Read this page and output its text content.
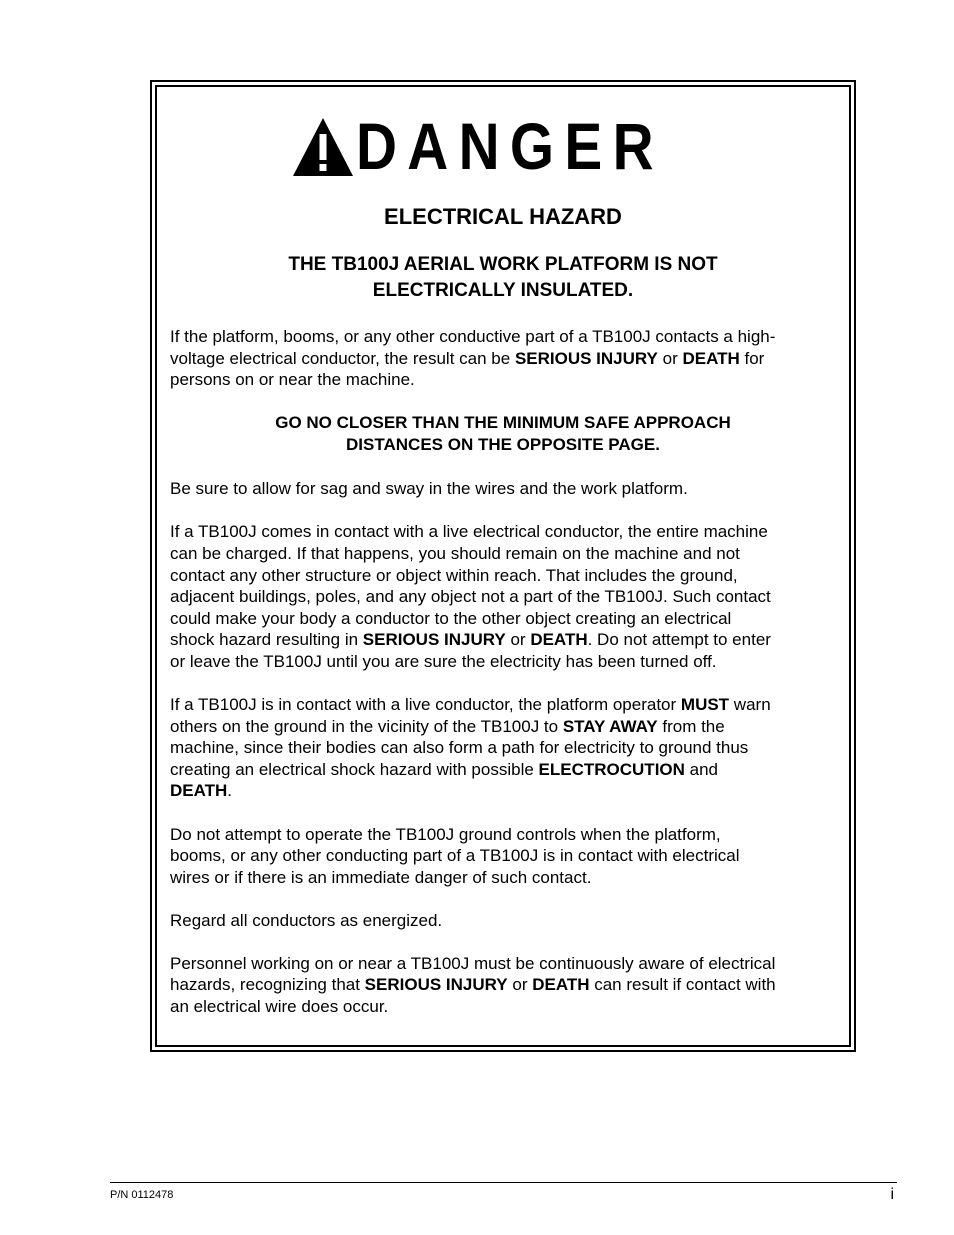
DANGER
ELECTRICAL HAZARD
THE TB100J AERIAL WORK PLATFORM IS NOT
ELECTRICALLY INSULATED.
If the platform, booms, or any other conductive part of a TB100J contacts a high-
voltage electrical conductor, the result can be SERIOUS INJURY or DEATH for
persons on or near the machine.
GO NO CLOSER THAN THE MINIMUM SAFE APPROACH
DISTANCES ON THE OPPOSITE PAGE.
Be sure to allow for sag and sway in the wires and the work platform.
If a TB100J comes in contact with a live electrical conductor, the entire machine
can be charged. If that happens, you should remain on the machine and not
contact any other structure or object within reach. That includes the ground,
adjacent buildings, poles, and any object not a part of the TB100J. Such contact
could make your body a conductor to the other object creating an electrical
shock hazard resulting in SERIOUS INJURY or DEATH. Do not attempt to enter
or leave the TB100J until you are sure the electricity has been turned off.
If a TB100J is in contact with a live conductor, the platform operator MUST warn
others on the ground in the vicinity of the TB100J to STAY AWAY from the
machine, since their bodies can also form a path for electricity to ground thus
creating an electrical shock hazard with possible ELECTROCUTION and
DEATH.
Do not attempt to operate the TB100J ground controls when the platform,
booms, or any other conducting part of a TB100J is in contact with electrical
wires or if there is an immediate danger of such contact.
Regard all conductors as energized.
Personnel working on or near a TB100J must be continuously aware of electrical
hazards, recognizing that SERIOUS INJURY or DEATH can result if contact with
an electrical wire does occur.
P/N 0112478	i
